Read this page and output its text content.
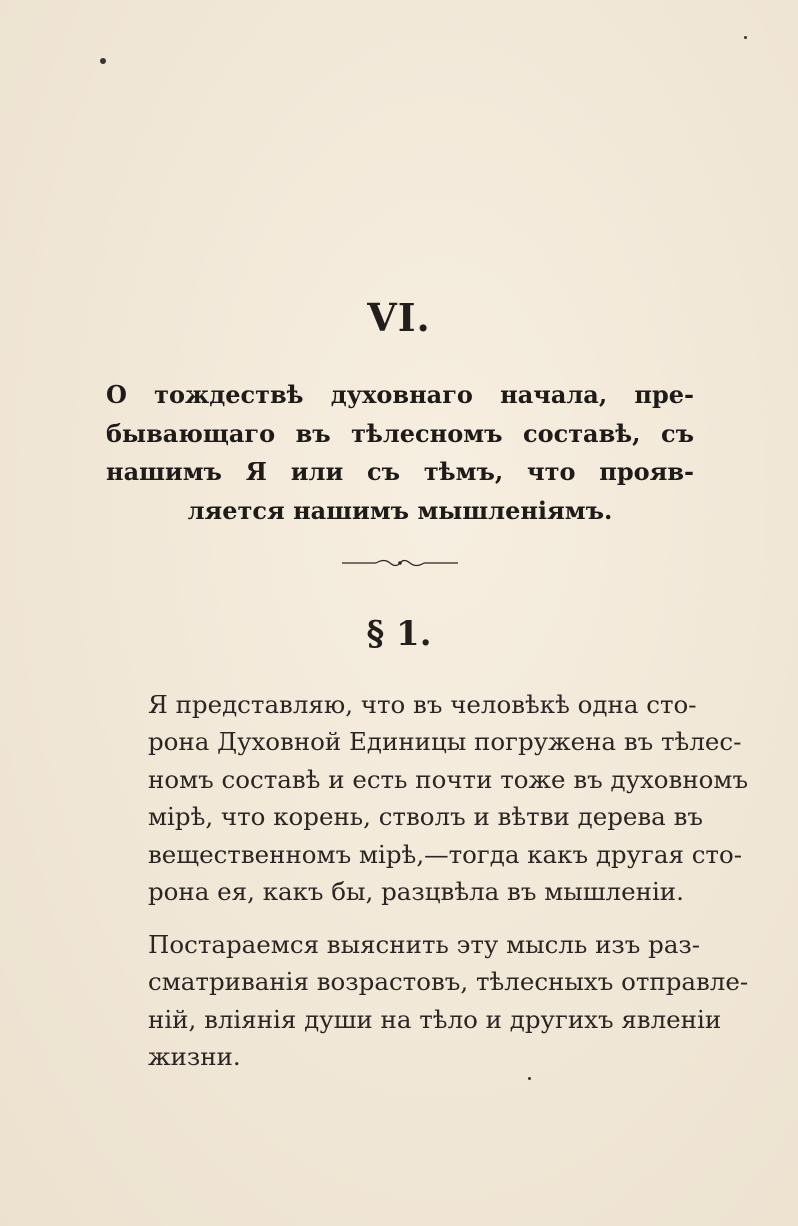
VI.
О тождествѣ духовнаго начала, пре-
бывающаго въ тѣлесномъ составѣ, съ
нашимъ Я или съ тѣмъ, что прояв-
ляется нашимъ мышленіямъ.
§ 1.
Я представляю, что въ человѣкѣ одна сто-
рона Духовной Единицы погружена въ тѣлес-
номъ составѣ и есть почти тоже въ духовномъ
мірѣ, что корень, стволъ и вѣтви дерева въ
вещественномъ мірѣ,—тогда какъ другая сто-
рона ея, какъ бы, разцвѣла въ мышленіи.
Постараемся выяснить эту мысль изъ раз-
сматриванія возрастовъ, тѣлесныхъ отправле-
ній, вліянія души на тѣло и другихъ явленіи
жизни.
